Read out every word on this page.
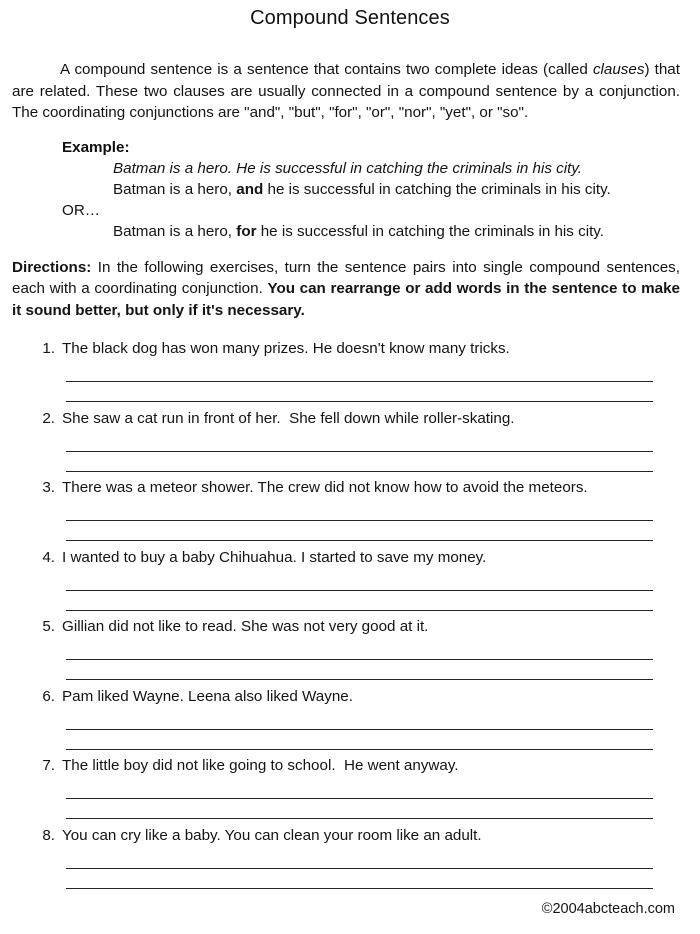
Compound Sentences

A compound sentence is a sentence that contains two complete ideas (called clauses) that are related. These two clauses are usually connected in a compound sentence by a conjunction. The coordinating conjunctions are "and", "but", "for", "or", "nor", "yet", or "so".

Example:
Batman is a hero. He is successful in catching the criminals in his city.
Batman is a hero, and he is successful in catching the criminals in his city.
OR…
Batman is a hero, for he is successful in catching the criminals in his city.

Directions: In the following exercises, turn the sentence pairs into single compound sentences, each with a coordinating conjunction. You can rearrange or add words in the sentence to make it sound better, but only if it's necessary.

1. The black dog has won many prizes. He doesn't know many tricks.
2. She saw a cat run in front of her.  She fell down while roller-skating.
3. There was a meteor shower. The crew did not know how to avoid the meteors.
4. I wanted to buy a baby Chihuahua. I started to save my money.
5. Gillian did not like to read. She was not very good at it.
6. Pam liked Wayne. Leena also liked Wayne.
7. The little boy did not like going to school.  He went anyway.
8. You can cry like a baby. You can clean your room like an adult.
©2004abcteach.com
